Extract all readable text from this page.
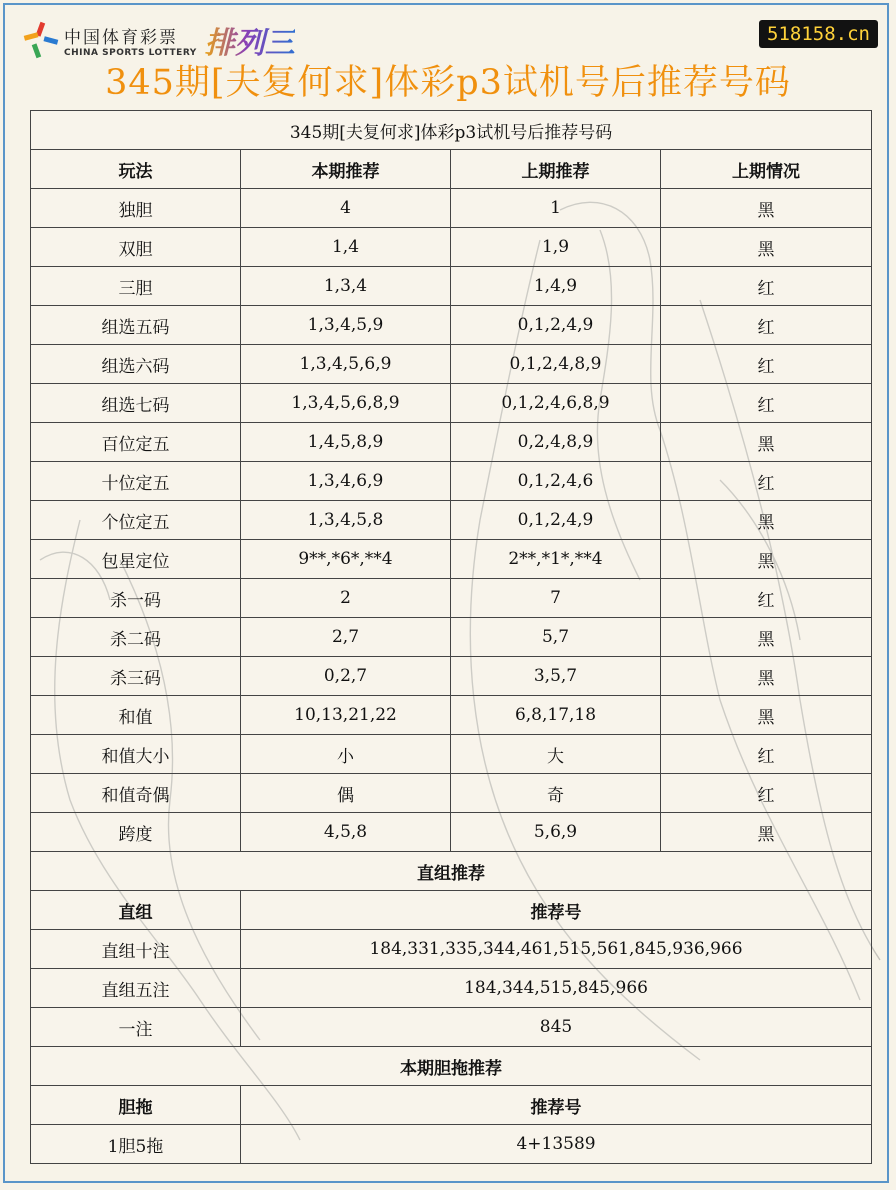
中国体育彩票
CHINA SPORTS LOTTERY 排列三	518158.cn
345期[夫复何求]体彩p3试机号后推荐号码
345期[夫复何求]体彩p3试机号后推荐号码			
玩法	本期推荐	上期推荐	上期情况
独胆	4	1	黑
双胆	1,4	1,9	黑
三胆	1,3,4	1,4,9	红
组选五码	1,3,4,5,9	0,1,2,4,9	红
组选六码	1,3,4,5,6,9	0,1,2,4,8,9	红
组选七码	1,3,4,5,6,8,9	0,1,2,4,6,8,9	红
百位定五	1,4,5,8,9	0,2,4,8,9	黑
十位定五	1,3,4,6,9	0,1,2,4,6	红
个位定五	1,3,4,5,8	0,1,2,4,9	黑
包星定位	9**,*6*,**4	2**,*1*,**4	黑
杀一码	2	7	红
杀二码	2,7	5,7	黑
杀三码	0,2,7	3,5,7	黑
和值	10,13,21,22	6,8,17,18	黑
和值大小	小	大	红
和值奇偶	偶	奇	红
跨度	4,5,8	5,6,9	黑
直组推荐			
直组	推荐号		
直组十注	184,331,335,344,461,515,561,845,936,966		
直组五注	184,344,515,845,966		
一注	845		
本期胆拖推荐			
胆拖	推荐号		
1胆5拖	4+13589		
